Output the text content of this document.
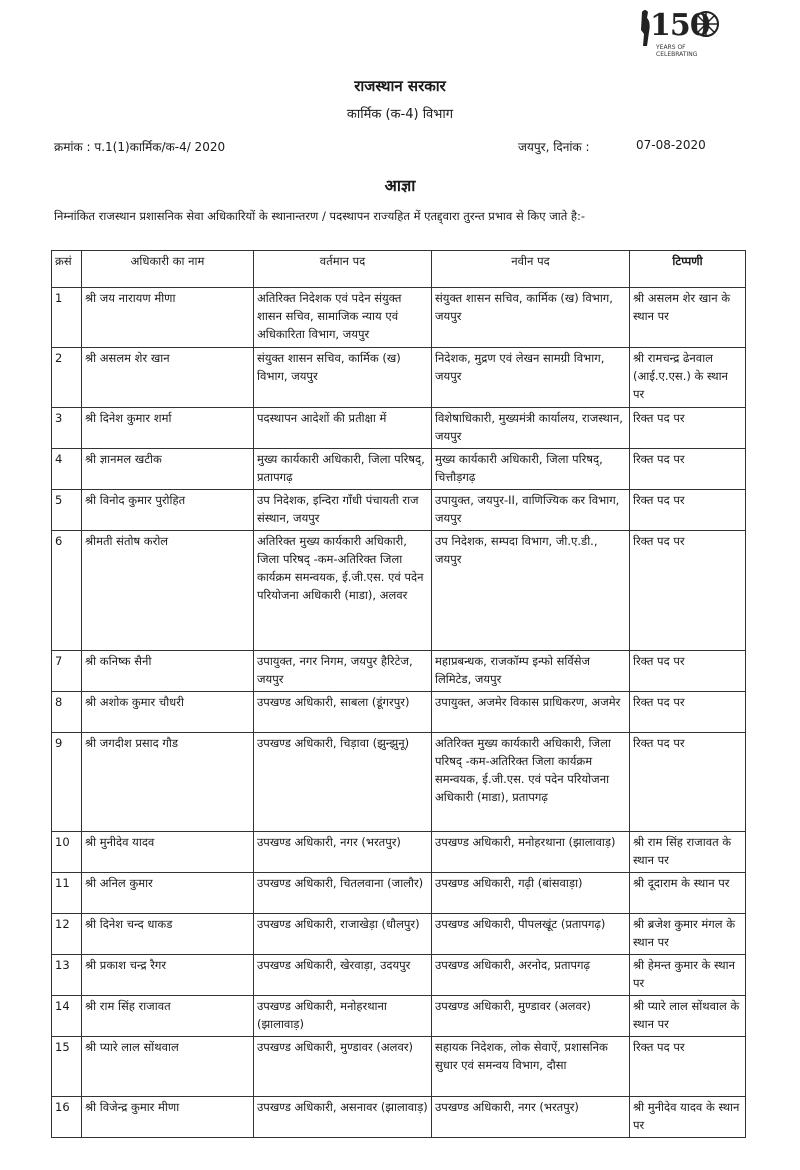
150
YEARS OF
CELEBRATING
राजस्थान सरकार
कार्मिक (क-4) विभाग
क्रमांक : प.1(1)कार्मिक/क-4/ 2020	जयपुर, दिनांक :	07-08-2020
आज्ञा
निम्नांकित राजस्थान प्रशासनिक सेवा अधिकारियों के स्थानान्तरण / पदस्थापन राज्यहित में एतद्द्वारा तुरन्त प्रभाव से किए जाते है:-
क्रसं	अधिकारी का नाम	वर्तमान पद	नवीन पद	टिप्पणी
1	श्री जय नारायण मीणा	अतिरिक्त निदेशक एवं पदेन संयुक्त शासन सचिव, सामाजिक न्याय एवं अधिकारिता विभाग, जयपुर	संयुक्त शासन सचिव, कार्मिक (ख) विभाग, जयपुर	श्री असलम शेर खान के स्थान पर
2	श्री असलम शेर खान	संयुक्त शासन सचिव, कार्मिक (ख) विभाग, जयपुर	निदेशक, मुद्रण एवं लेखन सामग्री विभाग, जयपुर	श्री रामचन्द्र ढेनवाल (आई.ए.एस.) के स्थान पर
3	श्री दिनेश कुमार शर्मा	पदस्थापन आदेशों की प्रतीक्षा में	विशेषाधिकारी, मुख्यमंत्री कार्यालय, राजस्थान, जयपुर	रिक्त पद पर
4	श्री ज्ञानमल खटीक	मुख्य कार्यकारी अधिकारी, जिला परिषद्, प्रतापगढ़	मुख्य कार्यकारी अधिकारी, जिला परिषद्, चित्तौड़गढ़	रिक्त पद पर
5	श्री विनोद कुमार पुरोहित	उप निदेशक, इन्दिरा गाँधी पंचायती राज संस्थान, जयपुर	उपायुक्त, जयपुर-II, वाणिज्यिक कर विभाग, जयपुर	रिक्त पद पर
6	श्रीमती संतोष करोल	अतिरिक्त मुख्य कार्यकारी अधिकारी, जिला परिषद् -कम-अतिरिक्त जिला कार्यक्रम समन्वयक, ई.जी.एस. एवं पदेन परियोजना अधिकारी (माडा), अलवर	उप निदेशक, सम्पदा विभाग, जी.ए.डी., जयपुर	रिक्त पद पर
7	श्री कनिष्क सैनी	उपायुक्त, नगर निगम, जयपुर हैरिटेज, जयपुर	महाप्रबन्धक, राजकॉम्प इन्फो सर्विसेज लिमिटेड, जयपुर	रिक्त पद पर
8	श्री अशोक कुमार चौधरी	उपखण्ड अधिकारी, साबला (डूंगरपुर)	उपायुक्त, अजमेर विकास प्राधिकरण, अजमेर	रिक्त पद पर
9	श्री जगदीश प्रसाद गौड	उपखण्ड अधिकारी, चिड़ावा (झुन्झुनू)	अतिरिक्त मुख्य कार्यकारी अधिकारी, जिला परिषद् -कम-अतिरिक्त जिला कार्यक्रम समन्वयक, ई.जी.एस. एवं पदेन परियोजना अधिकारी (माडा), प्रतापगढ़	रिक्त पद पर
10	श्री मुनीदेव यादव	उपखण्ड अधिकारी, नगर (भरतपुर)	उपखण्ड अधिकारी, मनोहरथाना (झालावाड़)	श्री राम सिंह राजावत के स्थान पर
11	श्री अनिल कुमार	उपखण्ड अधिकारी, चितलवाना (जालौर)	उपखण्ड अधिकारी, गढ़ी (बांसवाड़ा)	श्री दूदाराम के स्थान पर
12	श्री दिनेश चन्द धाकड	उपखण्ड अधिकारी, राजाखेड़ा (धौलपुर)	उपखण्ड अधिकारी, पीपलखूंट (प्रतापगढ़)	श्री ब्रजेश कुमार मंगल के स्थान पर
13	श्री प्रकाश चन्द्र रैगर	उपखण्ड अधिकारी, खेरवाड़ा, उदयपुर	उपखण्ड अधिकारी, अरनोद, प्रतापगढ़	श्री हेमन्त कुमार के स्थान पर
14	श्री राम सिंह राजावत	उपखण्ड अधिकारी, मनोहरथाना (झालावाड़)	उपखण्ड अधिकारी, मुण्डावर (अलवर)	श्री प्यारे लाल सोंथवाल के स्थान पर
15	श्री प्यारे लाल सोंथवाल	उपखण्ड अधिकारी, मुण्डावर (अलवर)	सहायक निदेशक, लोक सेवाऐं, प्रशासनिक सुधार एवं समन्वय विभाग, दौसा	रिक्त पद पर
16	श्री विजेन्द्र कुमार मीणा	उपखण्ड अधिकारी, असनावर (झालावाड़)	उपखण्ड अधिकारी, नगर (भरतपुर)	श्री मुनीदेव यादव के स्थान पर
